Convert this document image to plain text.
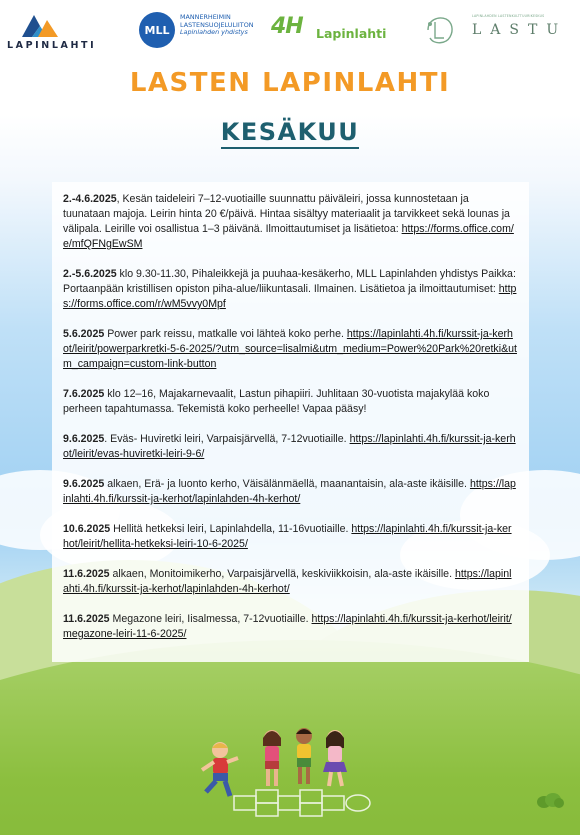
LAPINLAHTI
MLL
MANNERHEIMIN
LASTENSUOJELULIITON
Lapinlahden yhdistys 4H Lapinlahti
LAPINLAHDEN LASTENKULTTUURIKESKUS
LASTU
LASTEN LAPINLAHTI
KESÄKUU
2.-4.6.2025, Kesän taideleiri 7–12-vuotiaille suunnattu päiväleiri, jossa kunnostetaan ja tuunataan majoja. Leirin hinta 20 €/päivä. Hintaa sisältyy materiaalit ja tarvikkeet sekä lounas ja välipala. Leirille voi osallistua 1–3 päivänä. Ilmoittautumiset ja lisätietoa: https://forms.office.com/e/mfQFNgEwSM
2.-5.6.2025 klo 9.30-11.30, Pihaleikkejä ja puuhaa-kesäkerho, MLL Lapinlahden yhdistys Paikka: Portaanpään kristillisen opiston piha-alue/liikuntasali. Ilmainen. Lisätietoa ja ilmoittautumiset: https://forms.office.com/r/wM5vvy0Mpf
5.6.2025 Power park reissu, matkalle voi lähteä koko perhe. https://lapinlahti.4h.fi/kurssit-ja-kerhot/leirit/powerparkretki-5-6-2025/?utm_source=lisalmi&utm_medium=Power%20Park%20retki&utm_campaign=custom-link-button
7.6.2025 klo 12–16, Majakarnevaalit, Lastun pihapiiri. Juhlitaan 30-vuotista majakylää koko perheen tapahtumassa. Tekemistä koko perheelle! Vapaa pääsy!
9.6.2025. Eväs- Huviretki leiri, Varpaisjärvellä, 7-12vuotiaille. https://lapinlahti.4h.fi/kurssit-ja-kerhot/leirit/evas-huviretki-leiri-9-6/
9.6.2025 alkaen, Erä- ja luonto kerho, Väisälänmäellä, maanantaisin, ala-aste ikäisille. https://lapinlahti.4h.fi/kurssit-ja-kerhot/lapinlahden-4h-kerhot/
10.6.2025 Hellitä hetkeksi leiri, Lapinlahdella, 11-16vuotiaille. https://lapinlahti.4h.fi/kurssit-ja-kerhot/leirit/hellita-hetkeksi-leiri-10-6-2025/
11.6.2025 alkaen, Monitoimikerho, Varpaisjärvellä, keskiviikkoisin, ala-aste ikäisille. https://lapinlahti.4h.fi/kurssit-ja-kerhot/lapinlahden-4h-kerhot/
11.6.2025 Megazone leiri, Iisalmessa, 7-12vuotiaille. https://lapinlahti.4h.fi/kurssit-ja-kerhot/leirit/megazone-leiri-11-6-2025/
